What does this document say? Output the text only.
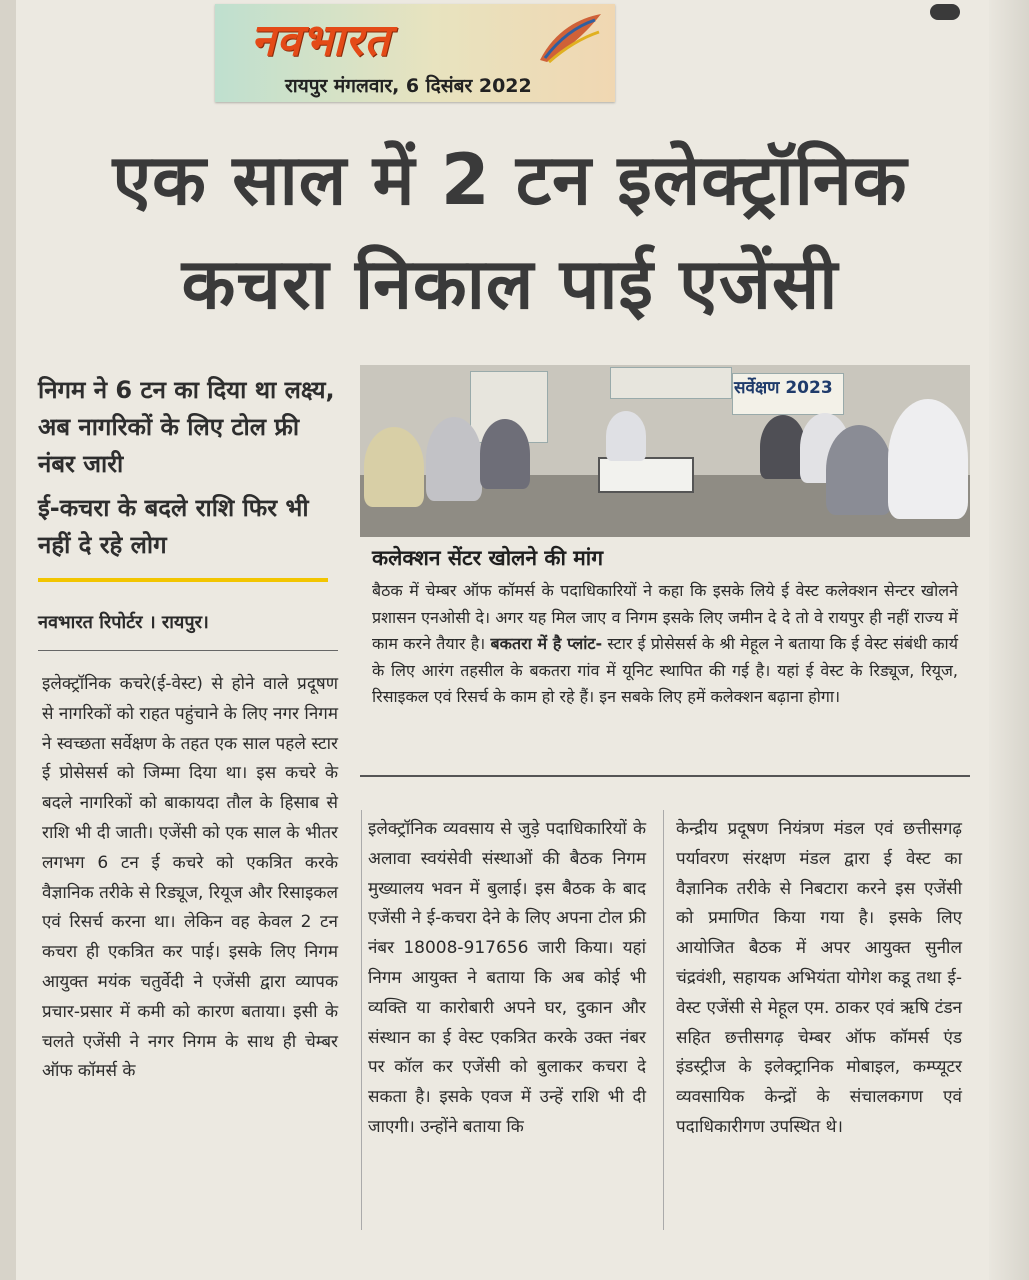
नवभारत
रायपुर मंगलवार, 6 दिसंबर 2022
एक साल में 2 टन इलेक्ट्रॉनिक
कचरा निकाल पाई एजेंसी
निगम ने 6 टन का दिया था लक्ष्य, अब नागरिकों के लिए टोल फ्री नंबर जारी
ई-कचरा के बदले राशि फिर भी नहीं दे रहे लोग
नवभारत रिपोर्टर । रायपुर।
सर्वेक्षण 2023
कलेक्शन सेंटर खोलने की मांग
बैठक में चेम्बर ऑफ कॉमर्स के पदाधिकारियों ने कहा कि इसके लिये ई वेस्ट कलेक्शन सेन्टर खोलने प्रशासन एनओसी दे। अगर यह मिल जाए व निगम इसके लिए जमीन दे दे तो वे रायपुर ही नहीं राज्य में काम करने तैयार है। बकतरा में है प्लांट- स्टार ई प्रोसेसर्स के श्री मेहूल ने बताया कि ई वेस्ट संबंधी कार्य के लिए आरंग तहसील के बकतरा गांव में यूनिट स्थापित की गई है। यहां ई वेस्ट के रिड्यूज, रियूज, रिसाइकल एवं रिसर्च के काम हो रहे हैं। इन सबके लिए हमें कलेक्शन बढ़ाना होगा।
इलेक्ट्रॉनिक कचरे(ई-वेस्ट) से होने वाले प्रदूषण से नागरिकों को राहत पहुंचाने के लिए नगर निगम ने स्वच्छता सर्वेक्षण के तहत एक साल पहले स्टार ई प्रोसेसर्स को जिम्मा दिया था। इस कचरे के बदले नागरिकों को बाकायदा तौल के हिसाब से राशि भी दी जाती। एजेंसी को एक साल के भीतर लगभग 6 टन ई कचरे को एकत्रित करके वैज्ञानिक तरीके से रिड्यूज, रियूज और रिसाइकल एवं रिसर्च करना था। लेकिन वह केवल 2 टन कचरा ही एकत्रित कर पाई। इसके लिए निगम आयुक्त मयंक चतुर्वेदी ने एजेंसी द्वारा व्यापक प्रचार-प्रसार में कमी को कारण बताया। इसी के चलते एजेंसी ने नगर निगम के साथ ही चेम्बर ऑफ कॉमर्स के
इलेक्ट्रॉनिक व्यवसाय से जुड़े पदाधिकारियों के अलावा स्वयंसेवी संस्थाओं की बैठक निगम मुख्यालय भवन में बुलाई। इस बैठक के बाद एजेंसी ने ई-कचरा देने के लिए अपना टोल फ्री नंबर 18008-917656 जारी किया। यहां निगम आयुक्त ने बताया कि अब कोई भी व्यक्ति या कारोबारी अपने घर, दुकान और संस्थान का ई वेस्ट एकत्रित करके उक्त नंबर पर कॉल कर एजेंसी को बुलाकर कचरा दे सकता है। इसके एवज में उन्हें राशि भी दी जाएगी। उन्होंने बताया कि
केन्द्रीय प्रदूषण नियंत्रण मंडल एवं छत्तीसगढ़ पर्यावरण संरक्षण मंडल द्वारा ई वेस्ट का वैज्ञानिक तरीके से निबटारा करने इस एजेंसी को प्रमाणित किया गया है। इसके लिए आयोजित बैठक में अपर आयुक्त सुनील चंद्रवंशी, सहायक अभियंता योगेश कडू तथा ई-वेस्ट एजेंसी से मेहूल एम. ठाकर एवं ऋषि टंडन सहित छत्तीसगढ़ चेम्बर ऑफ कॉमर्स एंड इंडस्ट्रीज के इलेक्ट्रानिक मोबाइल, कम्प्यूटर व्यवसायिक केन्द्रों के संचालकगण एवं पदाधिकारीगण उपस्थित थे।
